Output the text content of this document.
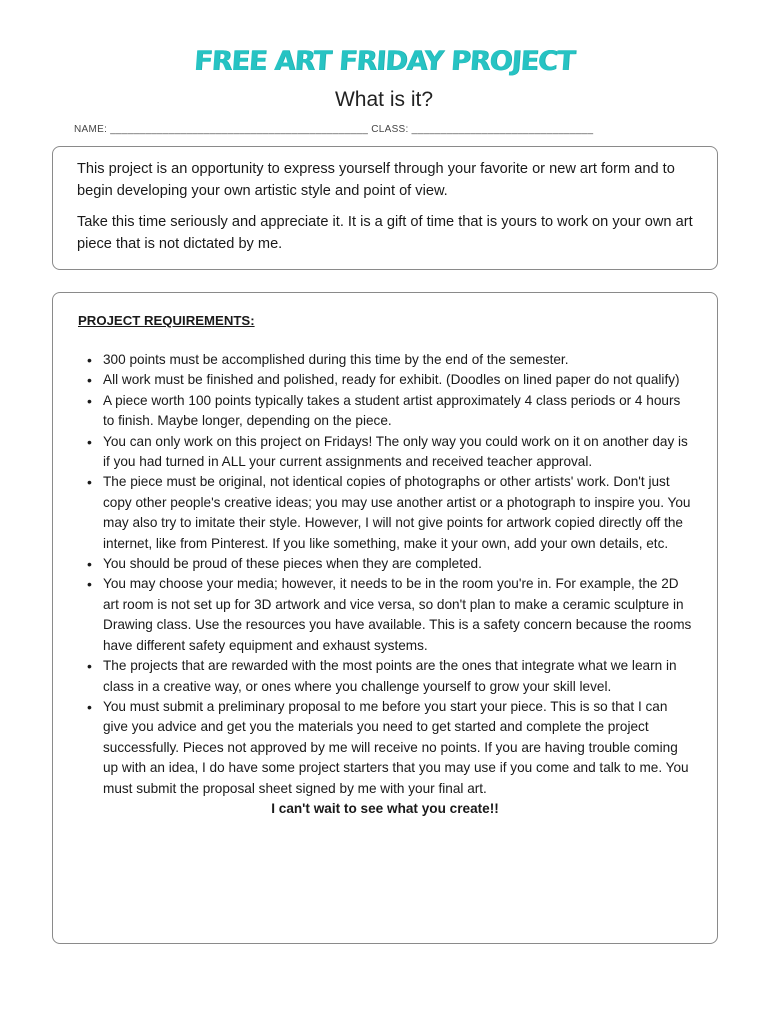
FREE ART FRIDAY PROJECT
What is it?
NAME: ____________________________________________ CLASS: _______________________________

This project is an opportunity to express yourself through your favorite or new art form and to begin developing your own artistic style and point of view.

Take this time seriously and appreciate it. It is a gift of time that is yours to work on your own art piece that is not dictated by me.

PROJECT REQUIREMENTS:
• 300 points must be accomplished during this time by the end of the semester.
• All work must be finished and polished, ready for exhibit. (Doodles on lined paper do not qualify)
• A piece worth 100 points typically takes a student artist approximately 4 class periods or 4 hours to finish. Maybe longer, depending on the piece.
• You can only work on this project on Fridays! The only way you could work on it on another day is if you had turned in ALL your current assignments and received teacher approval.
• The piece must be original, not identical copies of photographs or other artists' work. Don't just copy other people's creative ideas; you may use another artist or a photograph to inspire you. You may also try to imitate their style. However, I will not give points for artwork copied directly off the internet, like from Pinterest. If you like something, make it your own, add your own details, etc.
• You should be proud of these pieces when they are completed.
• You may choose your media; however, it needs to be in the room you're in. For example, the 2D art room is not set up for 3D artwork and vice versa, so don't plan to make a ceramic sculpture in Drawing class. Use the resources you have available. This is a safety concern because the rooms have different safety equipment and exhaust systems.
• The projects that are rewarded with the most points are the ones that integrate what we learn in class in a creative way, or ones where you challenge yourself to grow your skill level.
• You must submit a preliminary proposal to me before you start your piece. This is so that I can give you advice and get you the materials you need to get started and complete the project successfully. Pieces not approved by me will receive no points. If you are having trouble coming up with an idea, I do have some project starters that you may use if you come and talk to me. You must submit the proposal sheet signed by me with your final art.
I can't wait to see what you create!!
